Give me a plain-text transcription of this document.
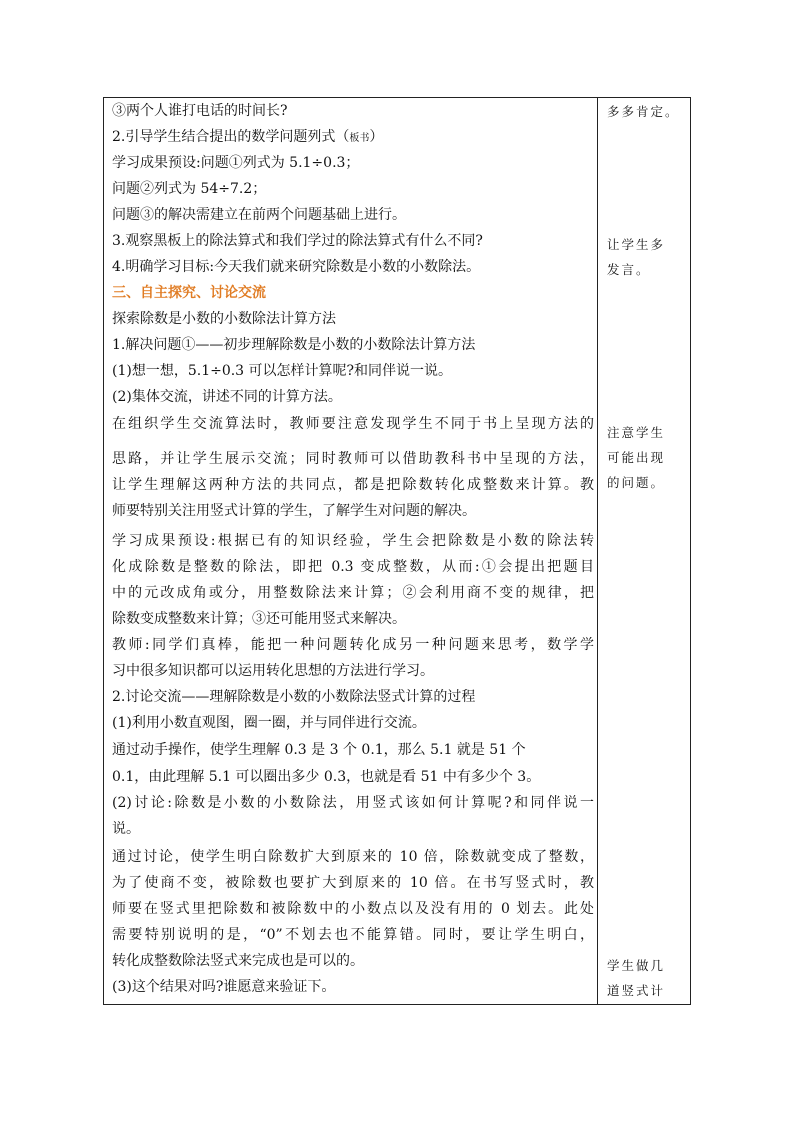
③两个人谁打电话的时间长?
2.引导学生结合提出的数学问题列式（板书）
学习成果预设:问题①列式为 5.1÷0.3；
问题②列式为 54÷7.2；
问题③的解决需建立在前两个问题基础上进行。
3.观察黑板上的除法算式和我们学过的除法算式有什么不同?
4.明确学习目标:今天我们就来研究除数是小数的小数除法。
三、自主探究、讨论交流
探索除数是小数的小数除法计算方法
1.解决问题①——初步理解除数是小数的小数除法计算方法
(1)想一想，5.1÷0.3 可以怎样计算呢?和同伴说一说。
(2)集体交流，讲述不同的计算方法。
在组织学生交流算法时，教师要注意发现学生不同于书上呈现方法的
思路，并让学生展示交流；同时教师可以借助教科书中呈现的方法，
让学生理解这两种方法的共同点，都是把除数转化成整数来计算。教
师要特别关注用竖式计算的学生，了解学生对问题的解决。
学习成果预设:根据已有的知识经验，学生会把除数是小数的除法转
化成除数是整数的除法，即把 0.3 变成整数，从而:①会提出把题目
中的元改成角或分，用整数除法来计算；②会利用商不变的规律，把
除数变成整数来计算；③还可能用竖式来解决。
教师:同学们真棒，能把一种问题转化成另一种问题来思考，数学学
习中很多知识都可以运用转化思想的方法进行学习。
2.讨论交流——理解除数是小数的小数除法竖式计算的过程
(1)利用小数直观图，圈一圈，并与同伴进行交流。
通过动手操作，使学生理解 0.3 是 3 个 0.1，那么 5.1 就是 51 个
0.1，由此理解 5.1 可以圈出多少 0.3，也就是看 51 中有多少个 3。
(2)讨论:除数是小数的小数除法，用竖式该如何计算呢?和同伴说一
说。
通过讨论，使学生明白除数扩大到原来的 10 倍，除数就变成了整数，
为了使商不变，被除数也要扩大到原来的 10 倍。在书写竖式时，教
师要在竖式里把除数和被除数中的小数点以及没有用的 0 划去。此处
需要特别说明的是，“0”不划去也不能算错。同时，要让学生明白，
转化成整数除法竖式来完成也是可以的。
(3)这个结果对吗?谁愿意来验证下。
多多肯定。
让学生多
发言。
注意学生
可能出现
的问题。
学生做几
道竖式计
